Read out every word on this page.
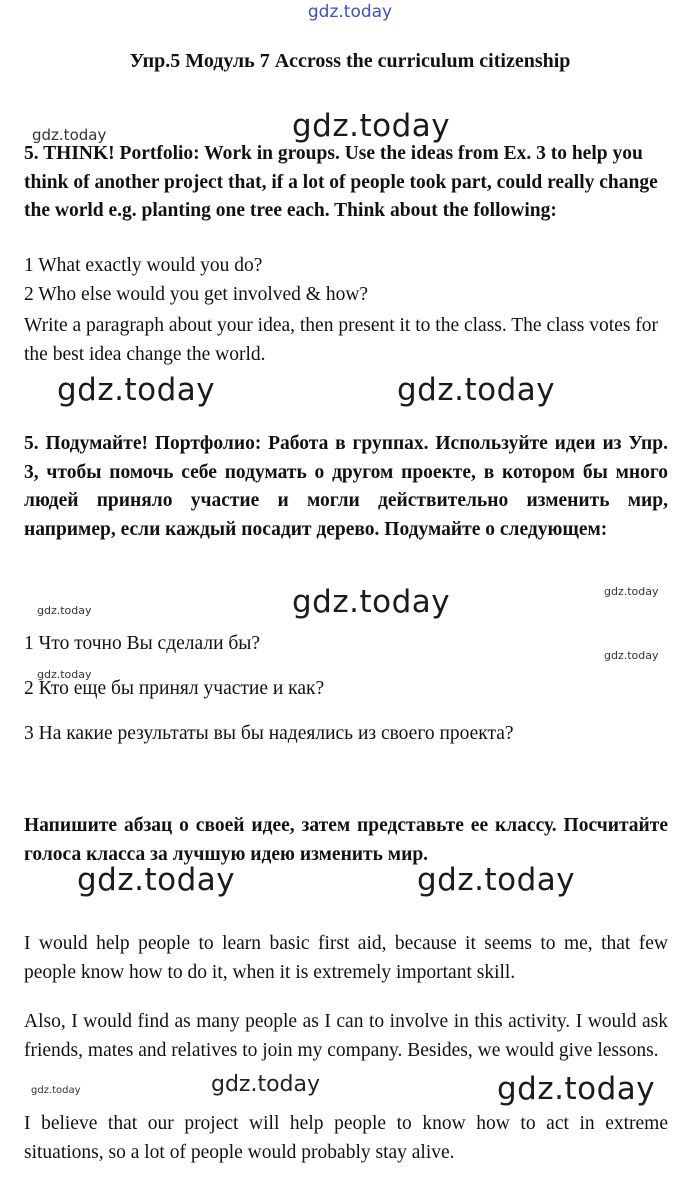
gdz.today
gdz.today	gdz.today
gdz.today	gdz.today
gdz.today
gdz.today	gdz.today
gdz.today
gdz.today
gdz.today	gdz.today
gdz.today	gdz.today
gdz.today
Упр.5 Модуль 7 Accross the curriculum citizenship
5. THINK! Portfolio: Work in groups. Use the ideas from Ex. 3 to help you think of another project that, if a lot of people took part, could really change the world e.g. planting one tree each. Think about the following:
1 What exactly would you do?
2 Who else would you get involved & how?
Write a paragraph about your idea, then present it to the class. The class votes for the best idea change the world.
5. Подумайте! Портфолио: Работа в группах. Используйте идеи из Упр. 3, чтобы помочь себе подумать о другом проекте, в котором бы много людей приняло участие и могли действительно изменить мир, например, если каждый посадит дерево. Подумайте о следующем:
1 Что точно Вы сделали бы?
2 Кто еще бы принял участие и как?
3 На какие результаты вы бы надеялись из своего проекта?
Напишите абзац о своей идее, затем представьте ее классу. Посчитайте голоса класса за лучшую идею изменить мир.
I would help people to learn basic first aid, because it seems to me, that few people know how to do it, when it is extremely important skill.
Also, I would find as many people as I can to involve in this activity. I would ask friends, mates and relatives to join my company. Besides, we would give lessons.
I believe that our project will help people to know how to act in extreme situations, so a lot of people would probably stay alive.
